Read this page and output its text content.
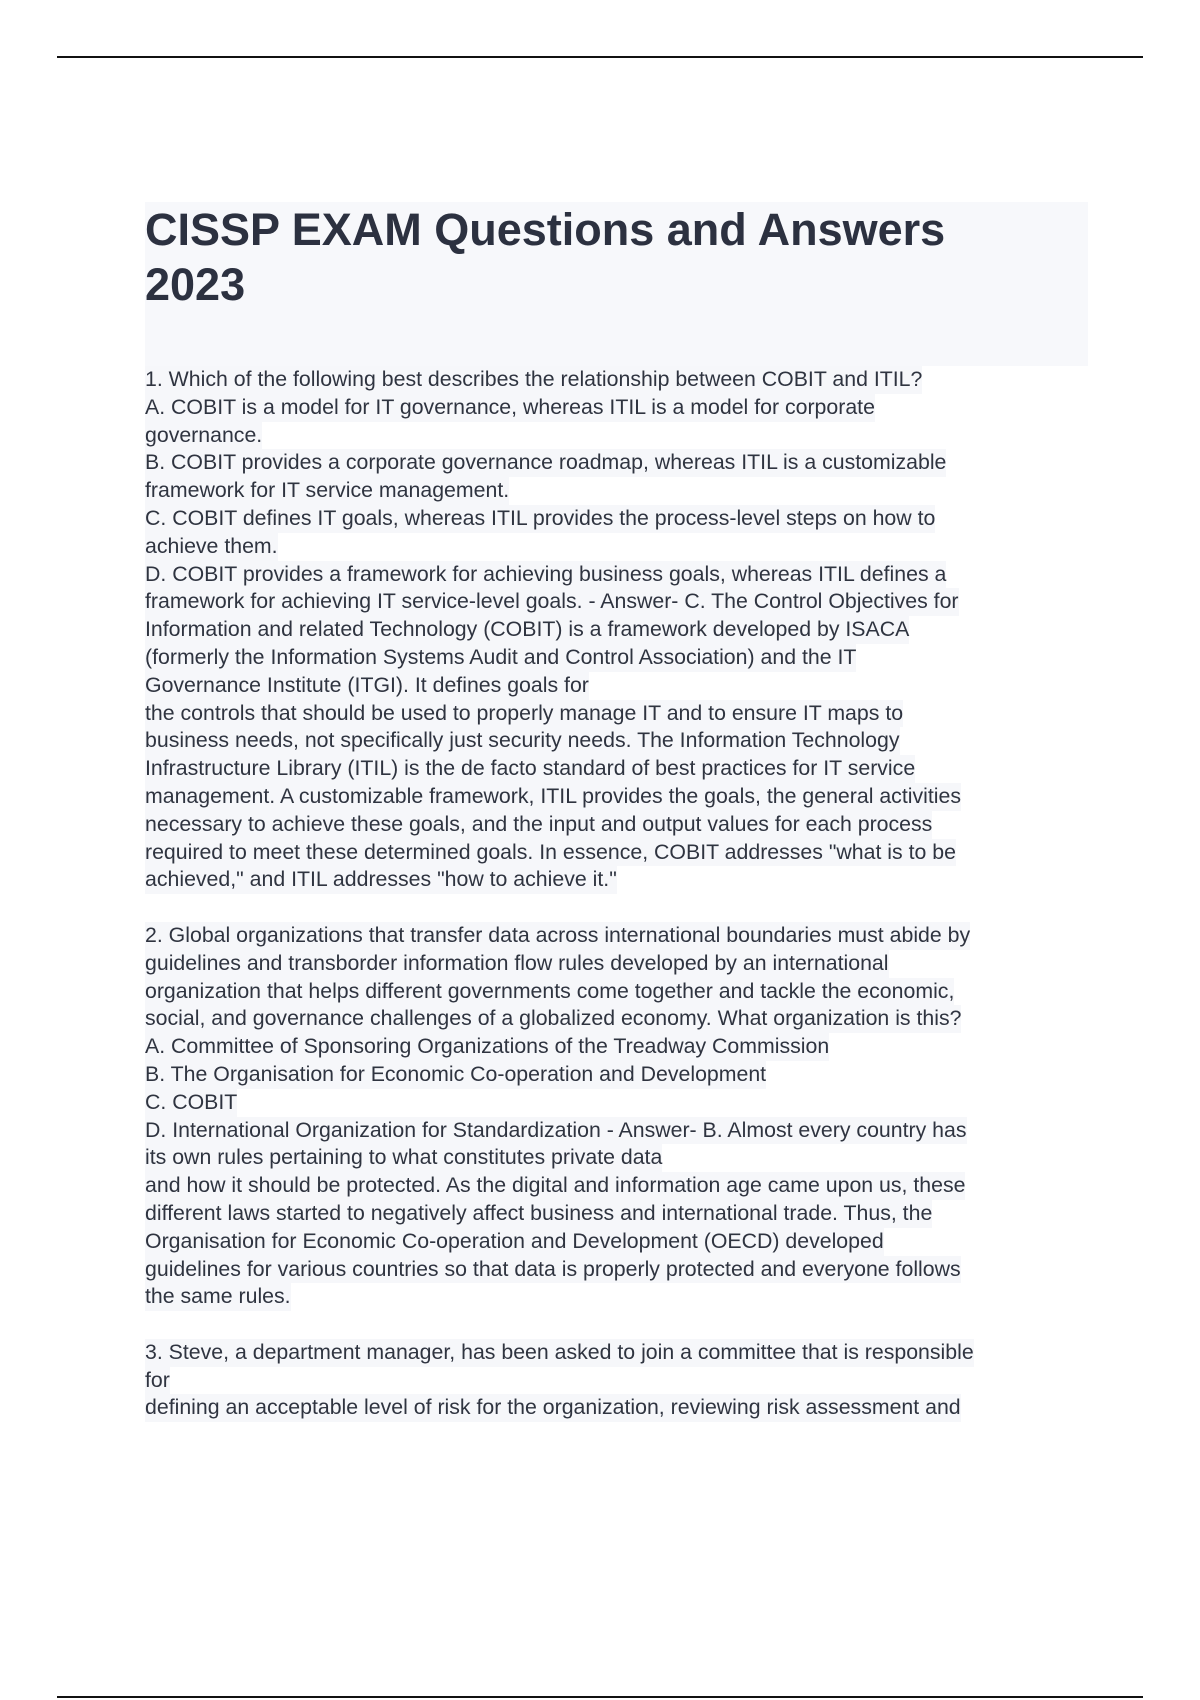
CISSP EXAM Questions and Answers
2023
1. Which of the following best describes the relationship between COBIT and ITIL?
A. COBIT is a model for IT governance, whereas ITIL is a model for corporate
governance.
B. COBIT provides a corporate governance roadmap, whereas ITIL is a customizable
framework for IT service management.
C. COBIT defines IT goals, whereas ITIL provides the process-level steps on how to
achieve them.
D. COBIT provides a framework for achieving business goals, whereas ITIL defines a
framework for achieving IT service-level goals. - Answer- C. The Control Objectives for
Information and related Technology (COBIT) is a framework developed by ISACA
(formerly the Information Systems Audit and Control Association) and the IT
Governance Institute (ITGI). It defines goals for
the controls that should be used to properly manage IT and to ensure IT maps to
business needs, not specifically just security needs. The Information Technology
Infrastructure Library (ITIL) is the de facto standard of best practices for IT service
management. A customizable framework, ITIL provides the goals, the general activities
necessary to achieve these goals, and the input and output values for each process
required to meet these determined goals. In essence, COBIT addresses "what is to be
achieved," and ITIL addresses "how to achieve it."
2. Global organizations that transfer data across international boundaries must abide by
guidelines and transborder information flow rules developed by an international
organization that helps different governments come together and tackle the economic,
social, and governance challenges of a globalized economy. What organization is this?
A. Committee of Sponsoring Organizations of the Treadway Commission
B. The Organisation for Economic Co-operation and Development
C. COBIT
D. International Organization for Standardization - Answer- B. Almost every country has
its own rules pertaining to what constitutes private data
and how it should be protected. As the digital and information age came upon us, these
different laws started to negatively affect business and international trade. Thus, the
Organisation for Economic Co-operation and Development (OECD) developed
guidelines for various countries so that data is properly protected and everyone follows
the same rules.
3. Steve, a department manager, has been asked to join a committee that is responsible
for
defining an acceptable level of risk for the organization, reviewing risk assessment and
